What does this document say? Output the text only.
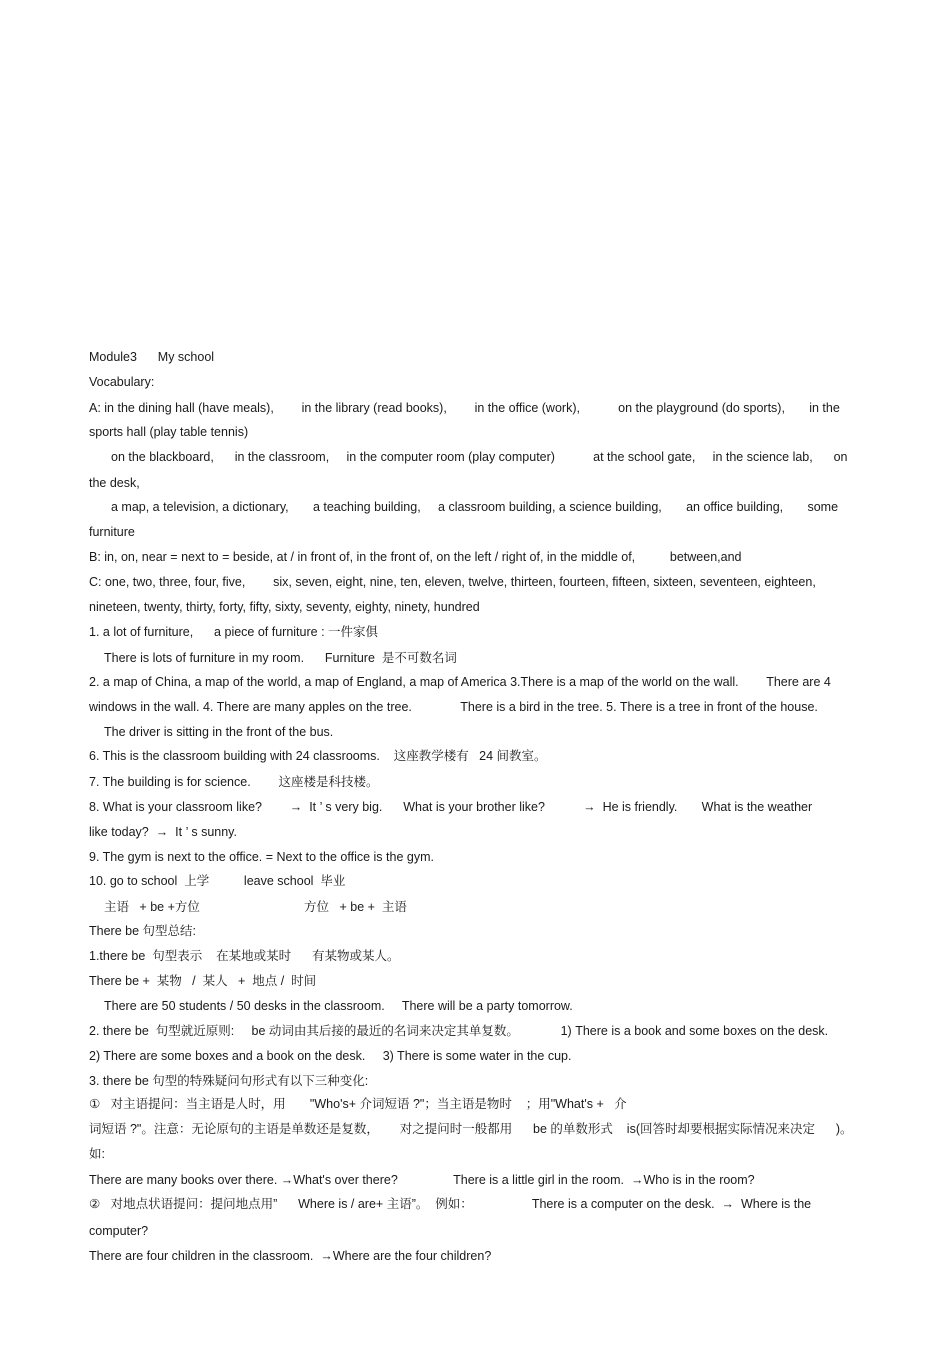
Module3      My school
Vocabulary:
A: in the dining hall (have meals),        in the library (read books),        in the office (work),           on the playground (do sports),       in the
sports hall (play table tennis)
on the blackboard,      in the classroom,     in the computer room (play computer)           at the school gate,     in the science lab,      on
the desk,
a map, a television, a dictionary,       a teaching building,     a classroom building, a science building,       an office building,       some
furniture
B: in, on, near = next to = beside, at / in front of, in the front of, on the left / right of, in the middle of,          between,and
C: one, two, three, four, five,        six, seven, eight, nine, ten, eleven, twelve, thirteen, fourteen, fifteen, sixteen, seventeen, eighteen,
nineteen, twenty, thirty, forty, fifty, sixty, seventy, eighty, ninety, hundred
1. a lot of furniture,      a piece of furniture : 一件家俱
There is lots of furniture in my room.      Furniture  是不可数名词
2. a map of China, a map of the world, a map of England, a map of America 3.There is a map of the world on the wall.        There are 4
windows in the wall. 4. There are many apples on the tree.              There is a bird in the tree. 5. There is a tree in front of the house.
The driver is sitting in the front of the bus.
6. This is the classroom building with 24 classrooms.    这座教学楼有   24 间教室。
7. The building is for science.        这座楼是科技楼。
8. What is your classroom like?        →  It ’ s very big.      What is your brother like?           →  He is friendly.       What is the weather
like today?  →  It ’ s sunny.
9. The gym is next to the office. = Next to the office is the gym.
10. go to school  上学          leave school  毕业
主语   + be +方位                              方位   + be +  主语
There be 句型总结:
1.there be  句型表示    在某地或某时      有某物或某人。
There be +  某物   /  某人   +  地点 /  时间
There are 50 students / 50 desks in the classroom.     There will be a party tomorrow.
2. there be  句型就近原则:     be 动词由其后接的最近的名词来决定其单复数。            1) There is a book and some boxes on the desk.
2) There are some boxes and a book on the desk.     3) There is some water in the cup.
3. there be 句型的特殊疑问句形式有以下三种变化:
①   对主语提问：当主语是人时，用       "Who's+ 介词短语 ?"；当主语是物时    ；用"What's +   介
词短语 ?"。注意：无论原句的主语是单数还是复数，      对之提问时一般都用      be 的单数形式    is(回答时却要根据实际情况来决定      )。
如:
There are many books over there. →What's over there?                There is a little girl in the room.  →Who is in the room?
②   对地点状语提问：提问地点用”      Where is / are+ 主语”。  例如：                 There is a computer on the desk.  →  Where is the
computer?
There are four children in the classroom.  →Where are the four children?
